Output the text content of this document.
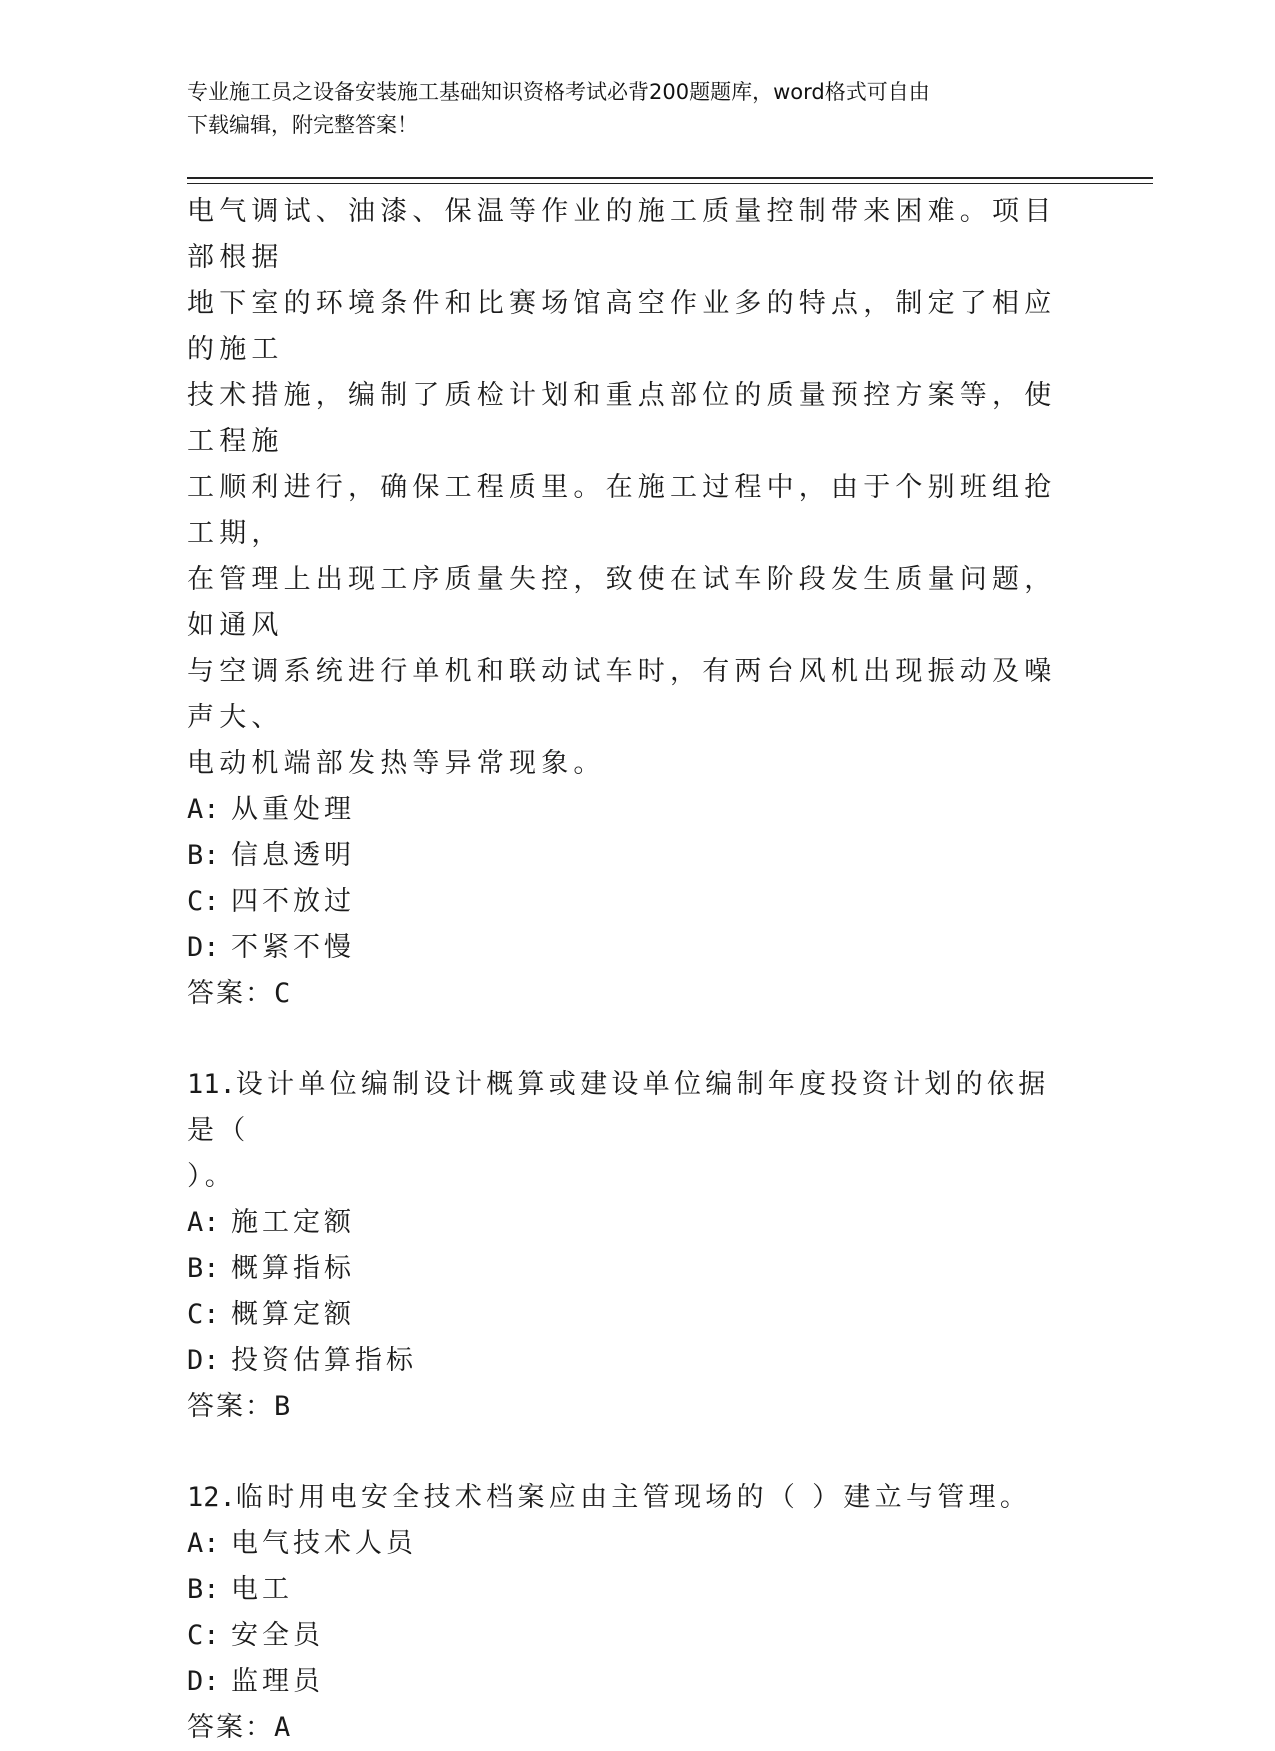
专业施工员之设备安装施工基础知识资格考试必背200题题库，word格式可自由
下载编辑，附完整答案！

电气调试、油漆、保温等作业的施工质量控制带来困难。项目部根据

地下室的环境条件和比赛场馆高空作业多的特点，制定了相应的施工

技术措施，编制了质检计划和重点部位的质量预控方案等，使工程施

工顺利进行，确保工程质里。在施工过程中，由于个别班组抢工期，

在管理上出现工序质量失控，致使在试车阶段发生质量问题，如通风

与空调系统进行单机和联动试车时，有两台风机出现振动及噪声大、

电动机端部发热等异常现象。

A: 从重处理

B: 信息透明

C: 四不放过

D: 不紧不慢

答案：C

11.设计单位编制设计概算或建设单位编制年度投资计划的依据是（

）。

A: 施工定额

B: 概算指标

C: 概算定额

D: 投资估算指标

答案：B

12.临时用电安全技术档案应由主管现场的（ ）建立与管理。

A: 电气技术人员

B: 电工

C: 安全员

D: 监理员

答案：A
